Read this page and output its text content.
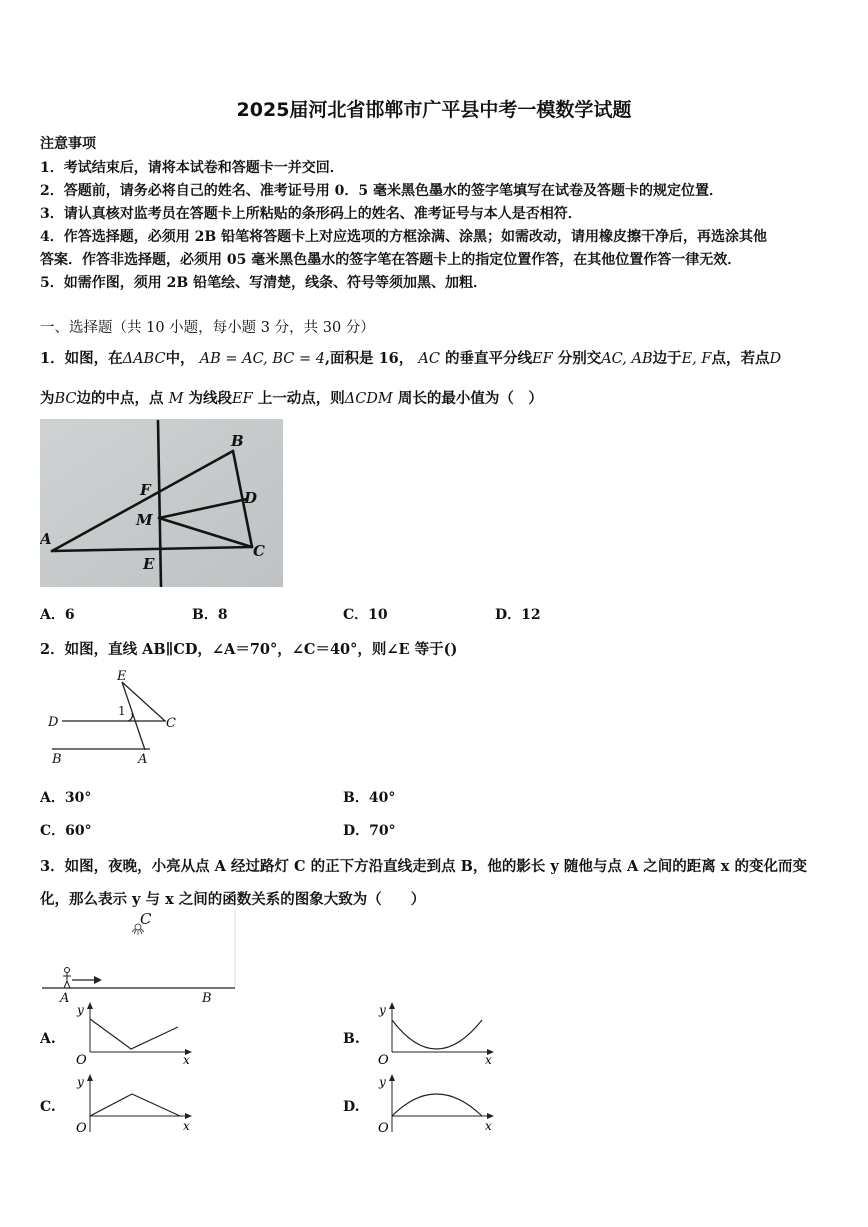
2025届河北省邯郸市广平县中考一模数学试题
注意事项
1．考试结束后，请将本试卷和答题卡一并交回．
2．答题前，请务必将自己的姓名、准考证号用 0．5 毫米黑色墨水的签字笔填写在试卷及答题卡的规定位置．
3．请认真核对监考员在答题卡上所粘贴的条形码上的姓名、准考证号与本人是否相符．
4．作答选择题，必须用 2B 铅笔将答题卡上对应选项的方框涂满、涂黑；如需改动，请用橡皮擦干净后，再选涂其他
答案．作答非选择题，必须用 05 毫米黑色墨水的签字笔在答题卡上的指定位置作答，在其他位置作答一律无效．
5．如需作图，须用 2B 铅笔绘、写清楚，线条、符号等须加黑、加粗．
一、选择题（共 10 小题，每小题 3 分，共 30 分）
1．如图，在ΔABC中， AB = AC, BC = 4,面积是 16， AC 的垂直平分线EF 分别交AC, AB边于E, F点，若点D
为BC边的中点，点 M 为线段EF 上一动点，则ΔCDM 周长的最小值为（　）
B
F	D
M
A
C
E
A．6	B．8	C．10	D．12
2．如图，直线 AB∥CD，∠A＝70°，∠C＝40°，则∠E 等于()
E
D	C
B	A
1
A．30°	B．40°
C．60°	D．70°
3．如图，夜晚，小亮从点 A 经过路灯 C 的正下方沿直线走到点 B，他的影长 y 随他与点 A 之间的距离 x 的变化而变
化，那么表示 y 与 x 之间的函数关系的图象大致为（　　）
C
A	B
A.	B.
C.	D.
y
O	x
y
O	x
y
O	x
y
O	x
